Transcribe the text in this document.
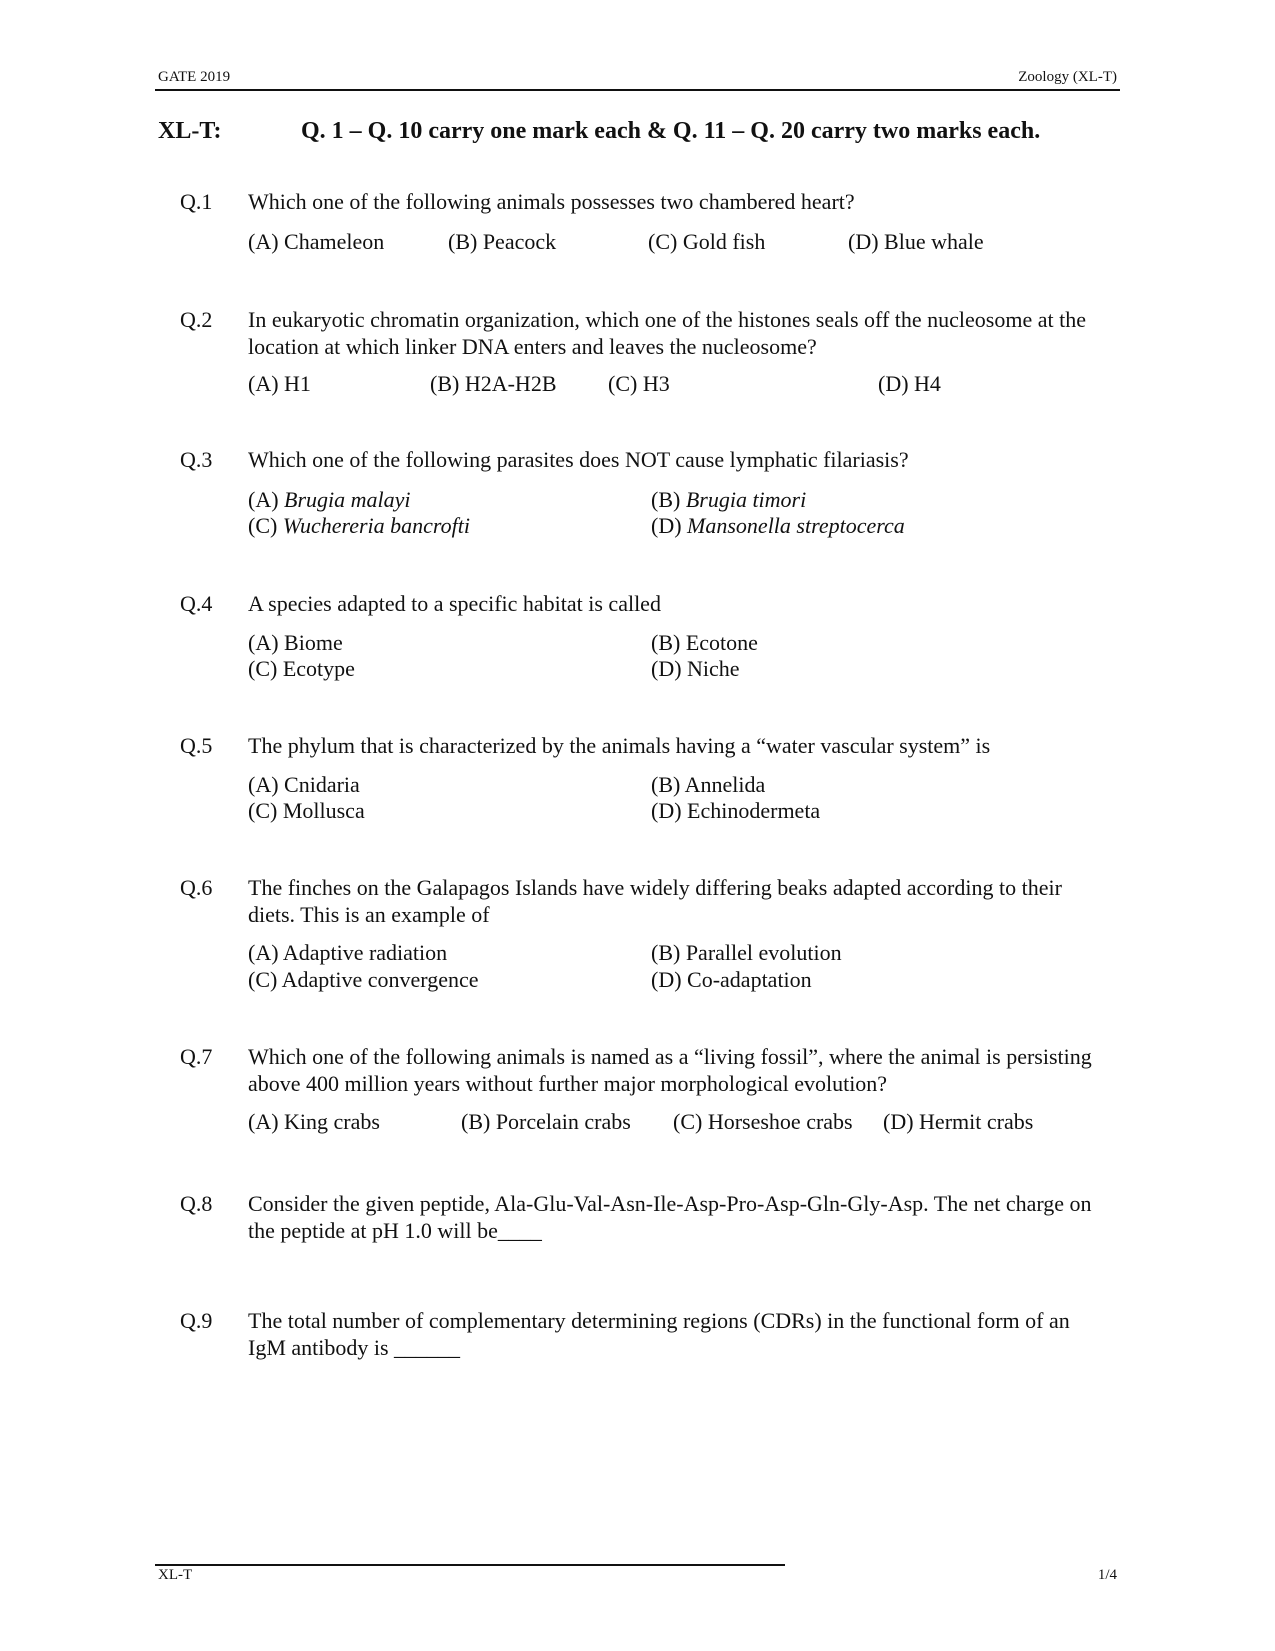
GATE 2019	Zoology (XL-T)
XL-T:	Q. 1 – Q. 10 carry one mark each & Q. 11 – Q. 20 carry two marks each.
Q.1 Which one of the following animals possesses two chambered heart?
(A) Chameleon	(B) Peacock	(C) Gold fish	(D) Blue whale
Q.2 In eukaryotic chromatin organization, which one of the histones seals off the nucleosome at the location at which linker DNA enters and leaves the nucleosome?
(A) H1	(B) H2A-H2B (C) H3	(D) H4
Q.3 Which one of the following parasites does NOT cause lymphatic filariasis?
(A) Brugia malayi	(B) Brugia timori
(C) Wuchereria bancrofti	(D) Mansonella streptocerca
Q.4 A species adapted to a specific habitat is called
(A) Biome	(B) Ecotone
(C) Ecotype	(D) Niche
Q.5 The phylum that is characterized by the animals having a “water vascular system” is
(A) Cnidaria	(B) Annelida
(C) Mollusca	(D) Echinodermeta
Q.6 The finches on the Galapagos Islands have widely differing beaks adapted according to their diets. This is an example of
(A) Adaptive radiation	(B) Parallel evolution
(C) Adaptive convergence	(D) Co-adaptation
Q.7 Which one of the following animals is named as a “living fossil”, where the animal is persisting above 400 million years without further major morphological evolution?
(A) King crabs	(B) Porcelain crabs (C) Horseshoe crabs (D) Hermit crabs
Q.8 Consider the given peptide, Ala-Glu-Val-Asn-Ile-Asp-Pro-Asp-Gln-Gly-Asp. The net charge on the peptide at pH 1.0 will be____
Q.9 The total number of complementary determining regions (CDRs) in the functional form of an IgM antibody is ______
XL-T	1/4
